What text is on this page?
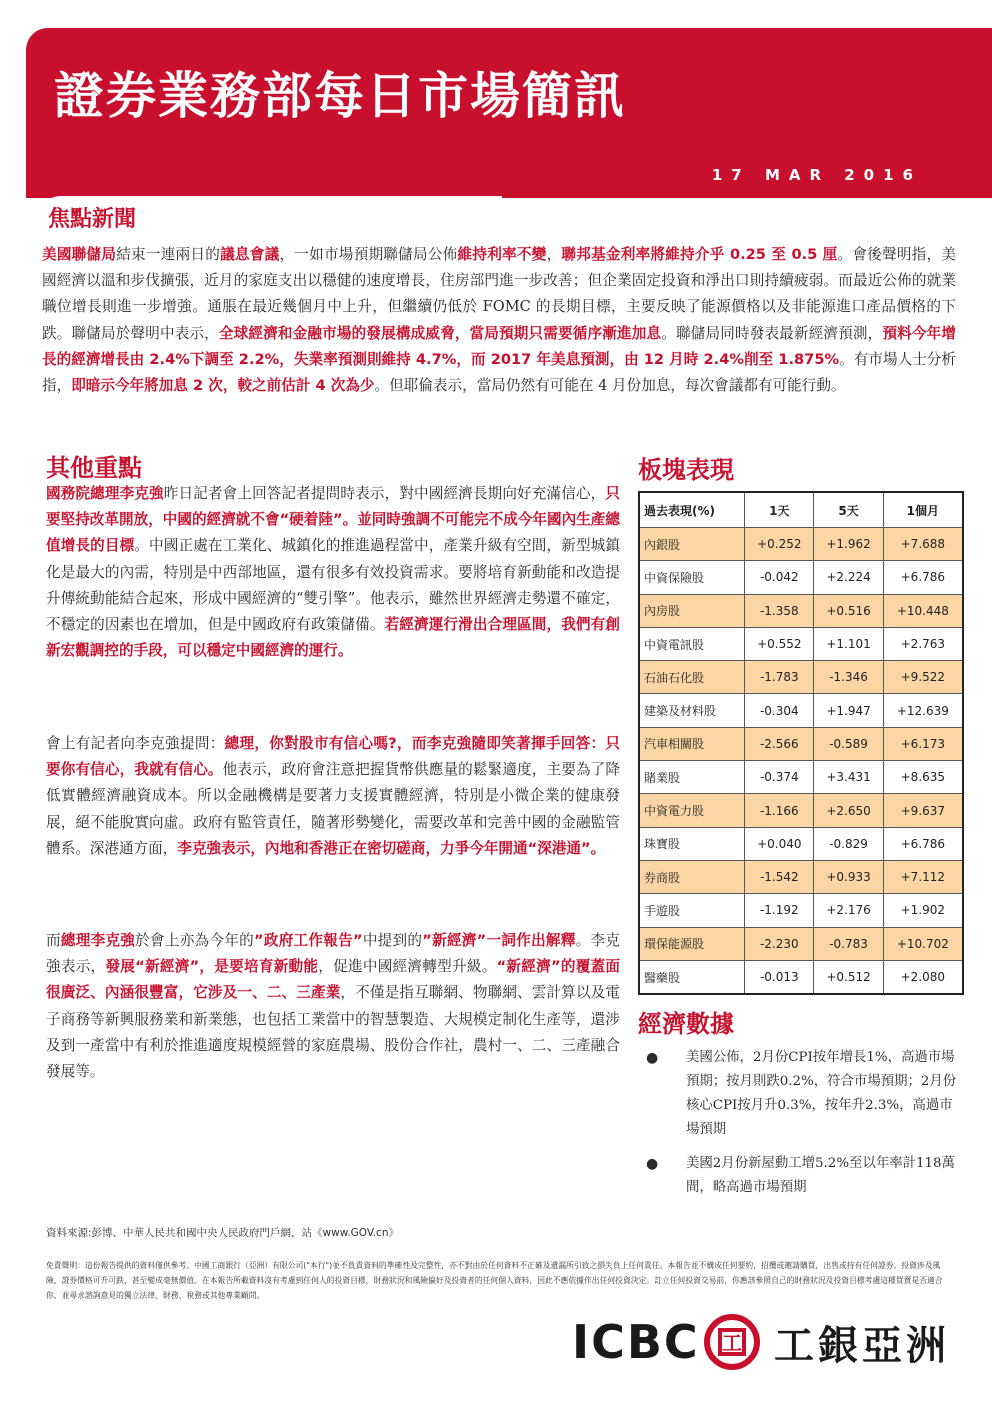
證券業務部每日市場簡訊
17 MAR 2016
焦點新聞

美國聯儲局結束一連兩日的議息會議，一如市場預期聯儲局公佈維持利率不變，聯邦基金利率將維持介乎 0.25 至 0.5 厘。會後聲明指，美國經濟以溫和步伐擴張，近月的家庭支出以穩健的速度增長，住房部門進一步改善；但企業固定投資和淨出口則持續疲弱。而最近公佈的就業職位增長則進一步增強。通脹在最近幾個月中上升，但繼續仍低於 FOMC 的長期目標，主要反映了能源價格以及非能源進口產品價格的下跌。聯儲局於聲明中表示，全球經濟和金融市場的發展構成威脅，當局預期只需要循序漸進加息。聯儲局同時發表最新經濟預測，預料今年增長的經濟增長由 2.4%下調至 2.2%，失業率預測則維持 4.7%，而 2017 年美息預測，由 12 月時 2.4%削至 1.875%。有市場人士分析指，即暗示今年將加息 2 次，較之前估計 4 次為少。但耶倫表示，當局仍然有可能在 4 月份加息，每次會議都有可能行動。

其他重點

國務院總理李克強昨日記者會上回答記者提問時表示，對中國經濟長期向好充滿信心，只要堅持改革開放，中國的經濟就不會“硬着陸”。並同時強調不可能完不成今年國內生產總值增長的目標。中國正處在工業化、城鎮化的推進過程當中，產業升級有空間，新型城鎮化是最大的內需，特別是中西部地區，還有很多有效投資需求。要將培育新動能和改造提升傳統動能結合起來，形成中國經濟的“雙引擎”。他表示，雖然世界經濟走勢還不確定，不穩定的因素也在增加，但是中國政府有政策儲備。若經濟運行滑出合理區間，我們有創新宏觀調控的手段，可以穩定中國經濟的運行。

會上有記者向李克強提問：總理，你對股市有信心嗎?，而李克強隨即笑著揮手回答：只要你有信心，我就有信心。他表示，政府會注意把握貨幣供應量的鬆緊適度，主要為了降低實體經濟融資成本。所以金融機構是要著力支援實體經濟，特別是小微企業的健康發展，絕不能脫實向虛。政府有監管責任，隨著形勢變化，需要改革和完善中國的金融監管體系。深港通方面，李克強表示，內地和香港正在密切磋商，力爭今年開通“深港通”。

而總理李克強於會上亦為今年的”政府工作報告”中提到的”新經濟”一詞作出解釋。李克強表示，發展“新經濟”，是要培育新動能，促進中國經濟轉型升級。“新經濟”的覆蓋面很廣泛、內涵很豐富，它涉及一、二、三產業，不僅是指互聯網、物聯網、雲計算以及電子商務等新興服務業和新業態，也包括工業當中的智慧製造、大規模定制化生產等，還涉及到一產當中有利於推進適度規模經營的家庭農場、股份合作社，農村一、二、三產融合發展等。

板塊表現
過去表現(%)	1天	5天	1個月
內銀股	+0.252	+1.962	+7.688
中資保險股	-0.042	+2.224	+6.786
內房股	-1.358	+0.516	+10.448
中資電訊股	+0.552	+1.101	+2.763
石油石化股	-1.783	-1.346	+9.522
建築及材料股	-0.304	+1.947	+12.639
汽車相關股	-2.566	-0.589	+6.173
賭業股	-0.374	+3.431	+8.635
中資電力股	-1.166	+2.650	+9.637
珠寶股	+0.040	-0.829	+6.786
券商股	-1.542	+0.933	+7.112
手遊股	-1.192	+2.176	+1.902
環保能源股	-2.230	-0.783	+10.702
醫藥股	-0.013	+0.512	+2.080
經濟數據
● 美國公佈，2月份CPI按年增長1%，高過市場預期；按月則跌0.2%，符合市場預期；2月份核心CPI按月升0.3%，按年升2.3%，高過市場預期
● 美國2月份新屋動工增5.2%至以年率計118萬間，略高過市場預期

資料來源:彭博、中華人民共和國中央人民政府門戶網，站《www.GOV.cn》

免責聲明：這份報告提供的資料僅供參考。中國工商銀行（亞洲）有限公司("本行")並不負責資料的準確性及完整性，亦不對由於任何資料不正確及遺漏所引致之損失負上任何責任。本報告並不構成任何要約，招攬或邀請購買，出售或持有任何證券。投資涉及風險，證券價格可升可跌，甚至變成毫無價值。在本報告所載資料沒有考慮到任何人的投資目標，財務狀況和風險偏好及投資者的任何個人資料，因此不應依據作出任何投資決定。訂立任何投資交易前，你應該參照自己的財務狀況及投資目標考慮這種買賣是否適合你，並尋求諮詢意見的獨立法律、財務、稅務或其他專業顧問。

ICBC 工 工銀亞洲
